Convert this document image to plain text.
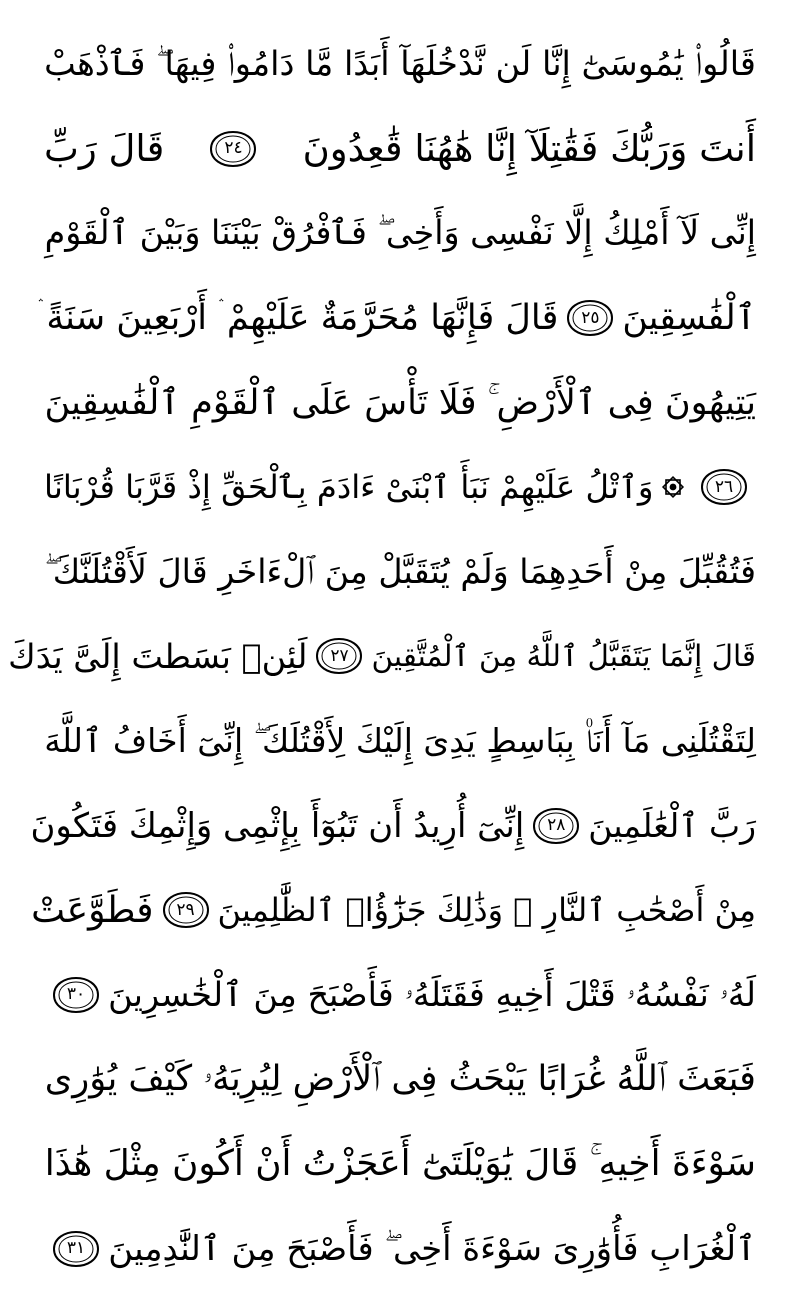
قَالُوا۟ يَٰمُوسَىٰٓ إِنَّا لَن نَّدْخُلَهَآ أَبَدًا مَّا دَامُوا۟ فِيهَا ۖ فَٱذْهَبْ
أَنتَ وَرَبُّكَ فَقَٰتِلَآ إِنَّا هَٰهُنَا قَٰعِدُونَ
٢٤
قَالَ رَبِّ
إِنِّى لَآ أَمْلِكُ إِلَّا نَفْسِى وَأَخِى ۖ فَٱفْرُقْ بَيْنَنَا وَبَيْنَ ٱلْقَوْمِ
ٱلْفَٰسِقِينَ
٢٥
قَالَ فَإِنَّهَا مُحَرَّمَةٌ عَلَيْهِمْ ۛ أَرْبَعِينَ سَنَةً ۛ
يَتِيهُونَ فِى ٱلْأَرْضِ ۚ فَلَا تَأْسَ عَلَى ٱلْقَوْمِ ٱلْفَٰسِقِينَ
٢٦
وَٱتْلُ عَلَيْهِمْ نَبَأَ ٱبْنَىْ ءَادَمَ بِٱلْحَقِّ إِذْ قَرَّبَا قُرْبَانًا
فَتُقُبِّلَ مِنْ أَحَدِهِمَا وَلَمْ يُتَقَبَّلْ مِنَ ٱلْءَاخَرِ قَالَ لَأَقْتُلَنَّكَ ۖ
قَالَ إِنَّمَا يَتَقَبَّلُ ٱللَّهُ مِنَ ٱلْمُتَّقِينَ
٢٧
لَئِنۢ بَسَطتَ إِلَىَّ يَدَكَ
لِتَقْتُلَنِى مَآ أَنَا۠ بِبَاسِطٍ يَدِىَ إِلَيْكَ لِأَقْتُلَكَ ۖ إِنِّىٓ أَخَافُ ٱللَّهَ
رَبَّ ٱلْعَٰلَمِينَ
٢٨
إِنِّىٓ أُرِيدُ أَن تَبُوٓأَ بِإِثْمِى وَإِثْمِكَ فَتَكُونَ
مِنْ أَصْحَٰبِ ٱلنَّارِ ۚ وَذَٰلِكَ جَزَٰٓؤُا۟ ٱلظَّٰلِمِينَ
٢٩
فَطَوَّعَتْ
لَهُۥ نَفْسُهُۥ قَتْلَ أَخِيهِ فَقَتَلَهُۥ فَأَصْبَحَ مِنَ ٱلْخَٰسِرِينَ
٣٠
فَبَعَثَ ٱللَّهُ غُرَابًا يَبْحَثُ فِى ٱلْأَرْضِ لِيُرِيَهُۥ كَيْفَ يُوَٰرِى
سَوْءَةَ أَخِيهِ ۚ قَالَ يَٰوَيْلَتَىٰٓ أَعَجَزْتُ أَنْ أَكُونَ مِثْلَ هَٰذَا
ٱلْغُرَابِ فَأُوَٰرِىَ سَوْءَةَ أَخِى ۖ فَأَصْبَحَ مِنَ ٱلنَّٰدِمِينَ
٣١
